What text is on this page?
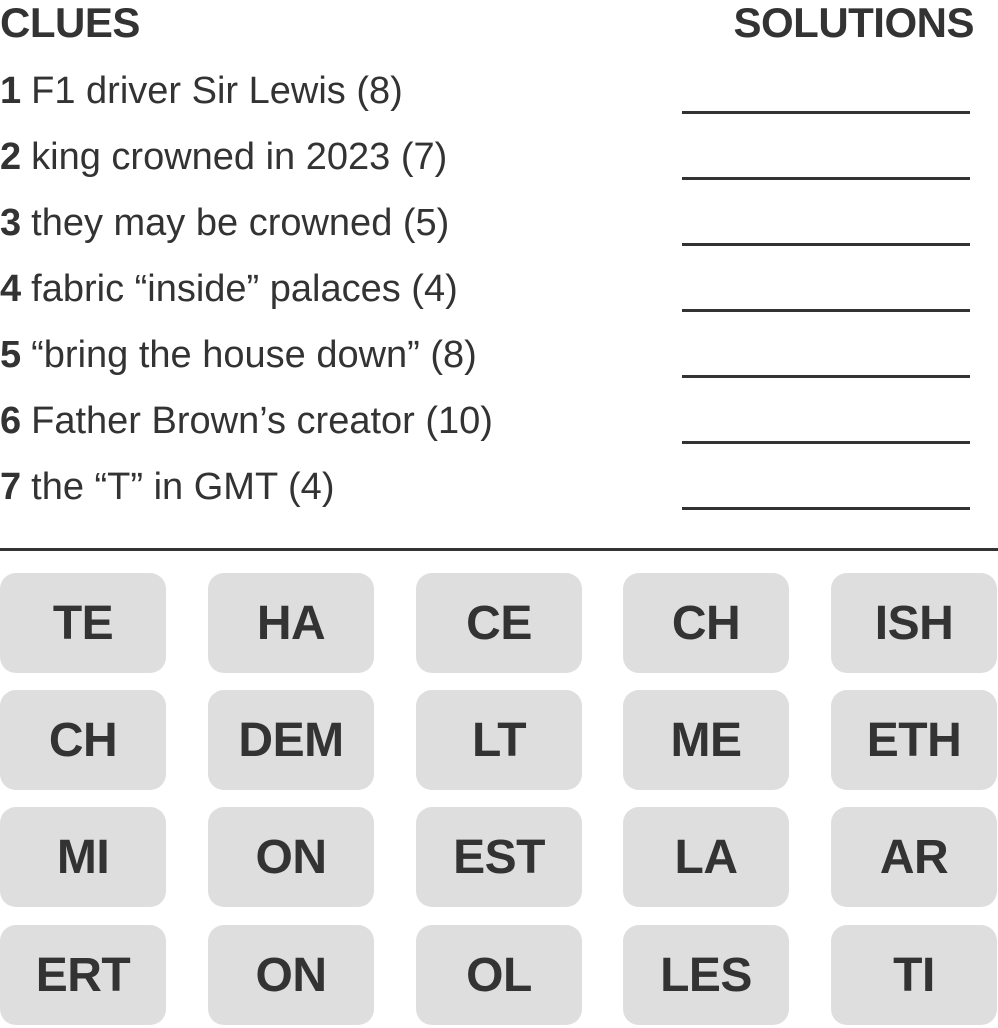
CLUES	SOLUTIONS
1 F1 driver Sir Lewis (8)
2 king crowned in 2023 (7)
3 they may be crowned (5)
4 fabric “inside” palaces (4)
5 “bring the house down” (8)
6 Father Brown’s creator (10)
7 the “T” in GMT (4)
TE	HA	CE	CH	ISH
CH	DEM	LT	ME	ETH
MI	ON	EST	LA	AR
ERT	ON	OL	LES	TI
